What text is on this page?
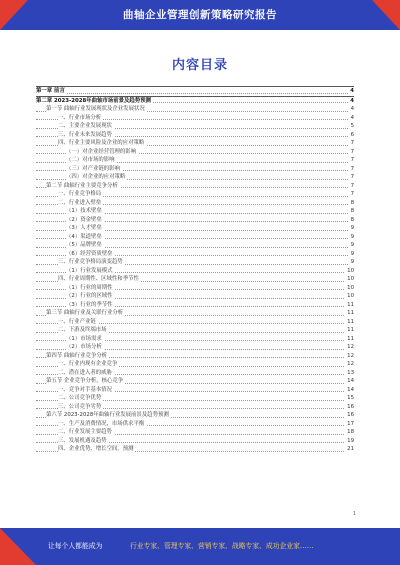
曲轴企业管理创新策略研究报告
内容目录
第一章 前言	4
第二章 2023-2028年曲轴市场前景及趋势预测	4
第一节 曲轴行业发展现状及企业发展状况	4
一、行业市场分析	4
二、主要企业发展现状	5
三、行业未来发展趋势	6
四、行业主要风险及企业的应对策略	7
（一）对企业经营管理的影响	7
（二）对市场的影响	7
（三）对产业链的影响	7
（四）对企业的应对策略	7
第二节 曲轴行业主要竞争分析	7
一、行业竞争格局	7
二、行业进入壁垒	8
（1）技术壁垒	8
（2）资金壁垒	8
（3）人才壁垒	9
（4）渠道壁垒	9
（5）品牌壁垒	9
（6）经营资质壁垒	9
三、行业竞争格局演变趋势	9
（1）行业发展模式	10
四、行业周期性、区域性和季节性	10
（1）行业的周期性	10
（2）行业的区域性	10
（3）行业的季节性	11
第三节 曲轴行业及关联行业分析	11
一、行业产业链	11
二、下游及终端市场	11
（1）市场需求	11
（2）市场分析	12
第四节 曲轴行业竞争分析	12
一、行业内现有企业竞争	12
二、潜在进入者的威胁	13
第五节 企业竞争分析，核心竞争	14
一、竞争对手基本情况	14
二、公司竞争优势	15
三、公司竞争劣势	16
第六节 2023-2028年曲轴行业发展前景及趋势预测	16
一、生产及消费情况，市场供求平衡	17
二、行业发展主要趋势	18
三、发展机遇及趋势	19
四、企业优势、增长空间，预测	21
1
让每个人都能成为	行业专家、管理专家、营销专家、战略专家、成功企业家……
